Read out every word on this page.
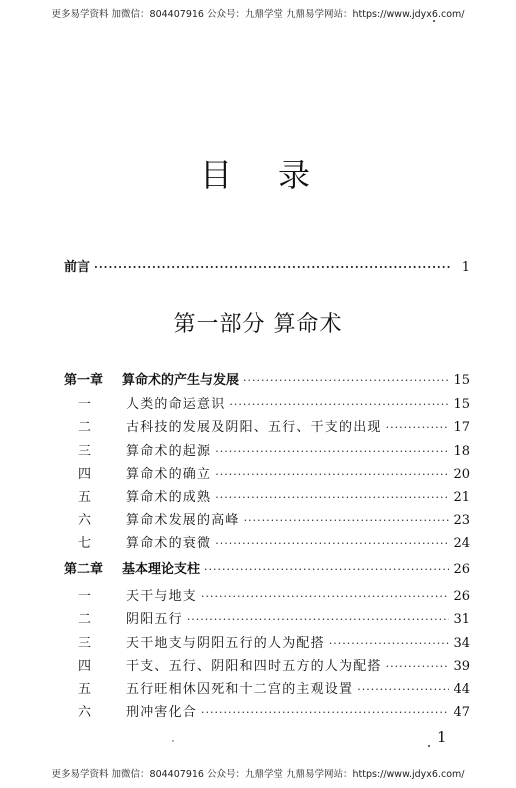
更多易学资料 加微信：804407916 公众号：九鼎学堂 九鼎易学网站：https://www.jdyx6.com/
目录
前言 ·····	1
第一部分 算命术
第一章	算命术的产生与发展 ·····	15
一	人类的命运意识 ·····	15
二	古科技的发展及阴阳、五行、干支的出现 ·····	17
三	算命术的起源 ·····	18
四	算命术的确立 ·····	20
五	算命术的成熟 ·····	21
六	算命术发展的高峰 ·····	23
七	算命术的衰微 ·····	24
第二章	基本理论支柱 ·····	26
一	天干与地支 ·····	26
二	阴阳五行 ·····	31
三	天干地支与阴阳五行的人为配搭 ·····	34
四	干支、五行、阴阳和四时五方的人为配搭 ·····	39
五	五行旺相休囚死和十二宫的主观设置 ·····	44
六	刑冲害化合 ·····	47
1
更多易学资料 加微信：804407916 公众号：九鼎学堂 九鼎易学网站：https://www.jdyx6.com/
